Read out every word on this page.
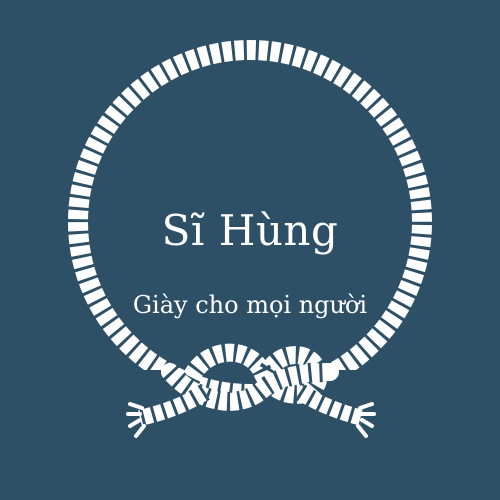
Sĩ Hùng
Giày cho mọi người
